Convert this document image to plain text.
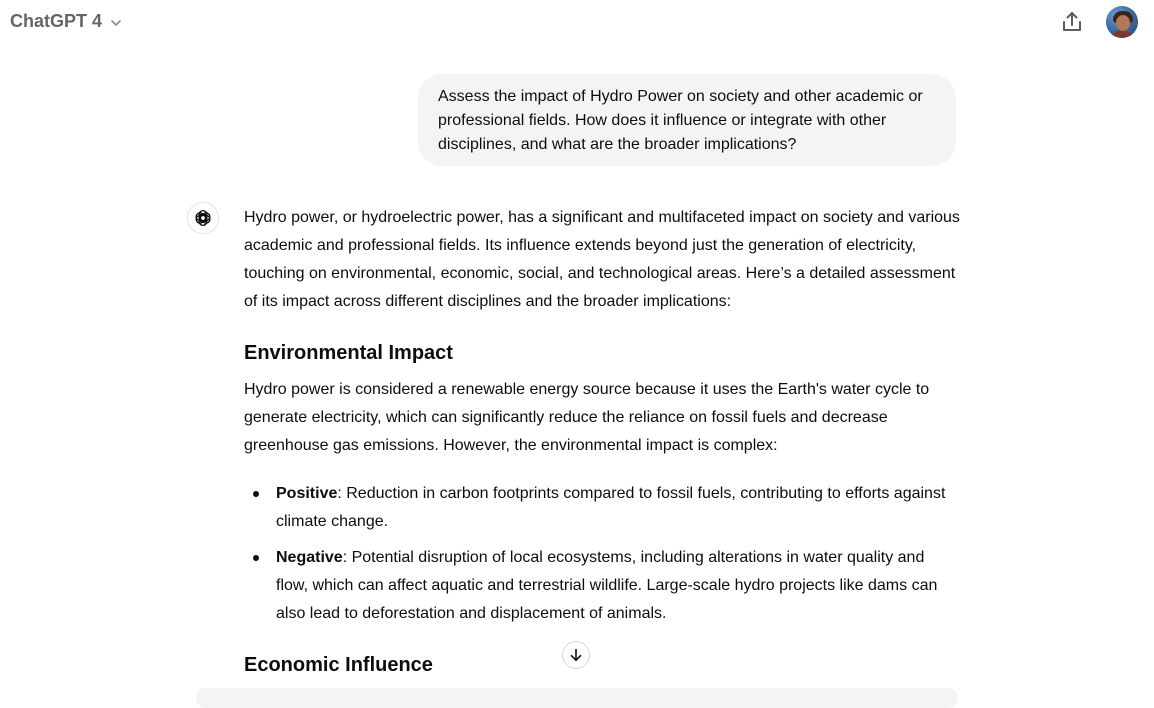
ChatGPT 4
Assess the impact of Hydro Power on society and other academic or professional fields. How does it influence or integrate with other disciplines, and what are the broader implications?

Hydro power, or hydroelectric power, has a significant and multifaceted impact on society and various academic and professional fields. Its influence extends beyond just the generation of electricity, touching on environmental, economic, social, and technological areas. Here’s a detailed assessment of its impact across different disciplines and the broader implications:

Environmental Impact

Hydro power is considered a renewable energy source because it uses the Earth's water cycle to generate electricity, which can significantly reduce the reliance on fossil fuels and decrease greenhouse gas emissions. However, the environmental impact is complex:

Positive: Reduction in carbon footprints compared to fossil fuels, contributing to efforts against climate change.
Negative: Potential disruption of local ecosystems, including alterations in water quality and flow, which can affect aquatic and terrestrial wildlife. Large-scale hydro projects like dams can also lead to deforestation and displacement of animals.
Economic Influence
